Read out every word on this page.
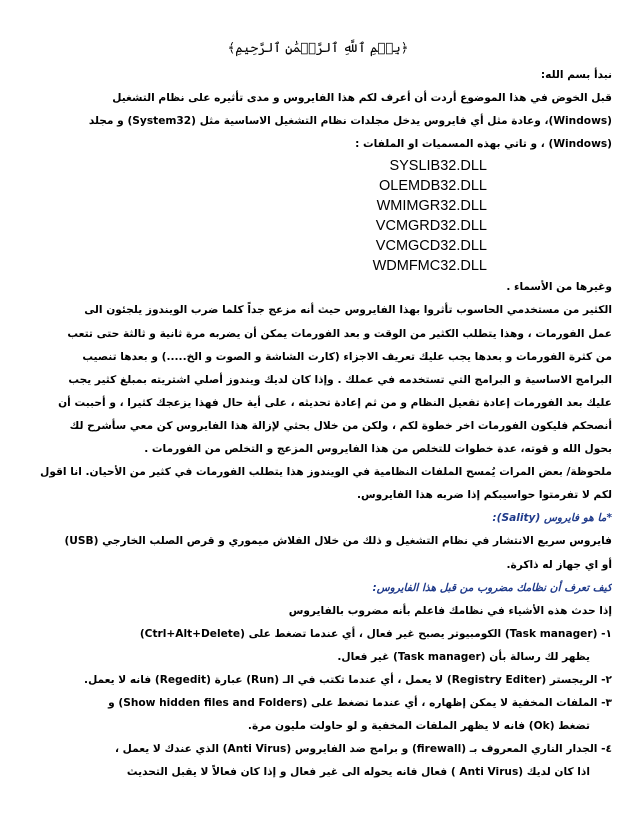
﴿بِسۡمِ ٱللَّهِ ٱلرَّحۡمَٰنِ ٱلرَّحِيمِ﴾
نبدأ بسم الله:
قبل الخوض في هذا الموضوع أردت أن أعرف لكم هذا الفايروس و مدى تأثيره على نظام التشغيل
(Windows)، وعادة مثل أي فايروس يدخل مجلدات نظام التشغيل الاساسية مثل (System32) و مجلد
(Windows) ، و تاتي بهذه المسميات او الملفات :
SYSLIB32.DLL
OLEMDB32.DLL
WMIMGR32.DLL
VCMGRD32.DLL
VCMGCD32.DLL
WDMFMC32.DLL
وغيرها من الأسماء .
الكثير من مستخدمي الحاسوب تأثروا بهذا الفايروس حيث أنه مزعج جداً كلما ضرب الويندوز يلجئون الى
عمل الفورمات ، وهذا يتطلب الكثير من الوقت و بعد الفورمات يمكن أن يضربه مرة ثانية و ثالثة حتى تتعب
من كثرة الفورمات و بعدها يجب عليك تعريف الاجزاء (كارت الشاشة و الصوت و الخ.....) و بعدها تنصيب
البرامج الاساسية و البرامج التي تستخدمه في عملك . وإذا كان لديك ويندوز أصلي اشتريته بمبلغ كثير يجب
عليك بعد الفورمات إعادة تفعيل النظام و من ثم إعادة تحديثه ، على أية حال فهذا يزعجك كثيرا ، و أحببت أن
أنصحكم فليكون الفورمات اخر خطوة لكم ، ولكن من خلال بحثي لإزالة هذا الفايروس كن معي سأشرح لك
بحول الله و قوته، عدة خطوات للتخلص من هذا الفايروس المزعج و التخلص من الفورمات .
ملحوظة/ بعض المرات يُمسح الملفات النظامية في الويندوز هذا يتطلب الفورمات في كثير من الأحيان. انا اقول
لكم لا تفرمتوا حواسيبكم إذا ضربه هذا الفايروس.
*ما هو فايروس (Sality):
فايروس سريع الانتشار في نظام التشغيل و ذلك من خلال الفلاش ميموري و قرص الصلب الخارجي (USB)
أو اي جهاز له ذاكرة.
كيف تعرف أن نظامك مضروب من قبل هذا الفايروس:
إذا حدث هذه الأشياء في نظامك فاعلم بأنه مضروب بالفايروس
١- (Task manager) الكومبيوتر يصبح غير فعال ، أي عندما تضغط على (Ctrl+Alt+Delete)
يظهر لك رسالة بأن (Task manager) غير فعال.
٢- الريجستر (Registry Editer) لا يعمل ، أي عندما تكتب في الـ (Run) عبارة (Regedit) فانه لا يعمل.
٣- الملفات المخفية لا يمكن إظهاره ، أي عندما تضغط على (Show hidden files and Folders) و
تضغط (Ok) فانه لا يظهر الملفات المخفية و لو حاولت مليون مرة.
٤- الجدار الناري المعروف بـ (firewall) و برامج ضد الفايروس (Anti Virus) الذي عندك لا يعمل ،
اذا كان لديك (Anti Virus ) فعال فانه يحوله الى غير فعال و إذا كان فعالاً لا يقبل التحديث
